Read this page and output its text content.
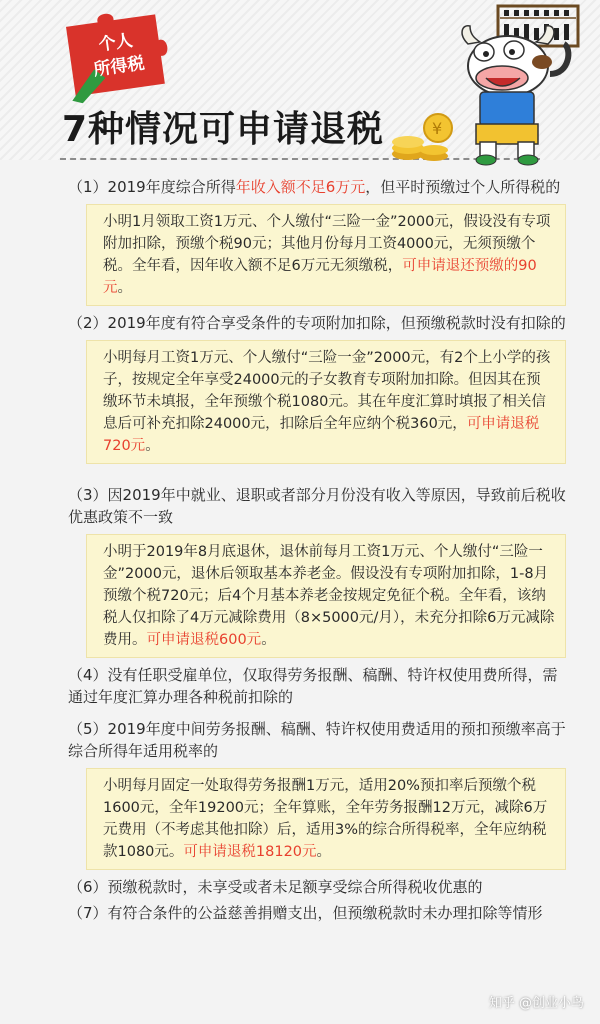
个人
所得税
7种情况可申请退税	¥
（1）2019年度综合所得年收入额不足6万元，但平时预缴过个人所得税的
小明1月领取工资1万元、个人缴付“三险一金”2000元，假设没有专项附加扣除，预缴个税90元；其他月份每月工资4000元，无须预缴个税。全年看，因年收入额不足6万元无须缴税，可申请退还预缴的90元。
（2）2019年度有符合享受条件的专项附加扣除，但预缴税款时没有扣除的
小明每月工资1万元、个人缴付“三险一金”2000元，有2个上小学的孩子，按规定全年享受24000元的子女教育专项附加扣除。但因其在预缴环节未填报，全年预缴个税1080元。其在年度汇算时填报了相关信息后可补充扣除24000元，扣除后全年应纳个税360元，可申请退税720元。
（3）因2019年中就业、退职或者部分月份没有收入等原因，导致前后税收优惠政策不一致
小明于2019年8月底退休，退休前每月工资1万元、个人缴付“三险一金”2000元，退休后领取基本养老金。假设没有专项附加扣除，1-8月预缴个税720元；后4个月基本养老金按规定免征个税。全年看，该纳税人仅扣除了4万元减除费用（8×5000元/月），未充分扣除6万元减除费用。可申请退税600元。
（4）没有任职受雇单位，仅取得劳务报酬、稿酬、特许权使用费所得，需通过年度汇算办理各种税前扣除的
（5）2019年度中间劳务报酬、稿酬、特许权使用费适用的预扣预缴率高于综合所得年适用税率的
小明每月固定一处取得劳务报酬1万元，适用20%预扣率后预缴个税1600元，全年19200元；全年算账，全年劳务报酬12万元，减除6万元费用（不考虑其他扣除）后，适用3%的综合所得税率，全年应纳税款1080元。可申请退税18120元。
（6）预缴税款时，未享受或者未足额享受综合所得税收优惠的
（7）有符合条件的公益慈善捐赠支出，但预缴税款时未办理扣除等情形
知乎 @创业小鸟
